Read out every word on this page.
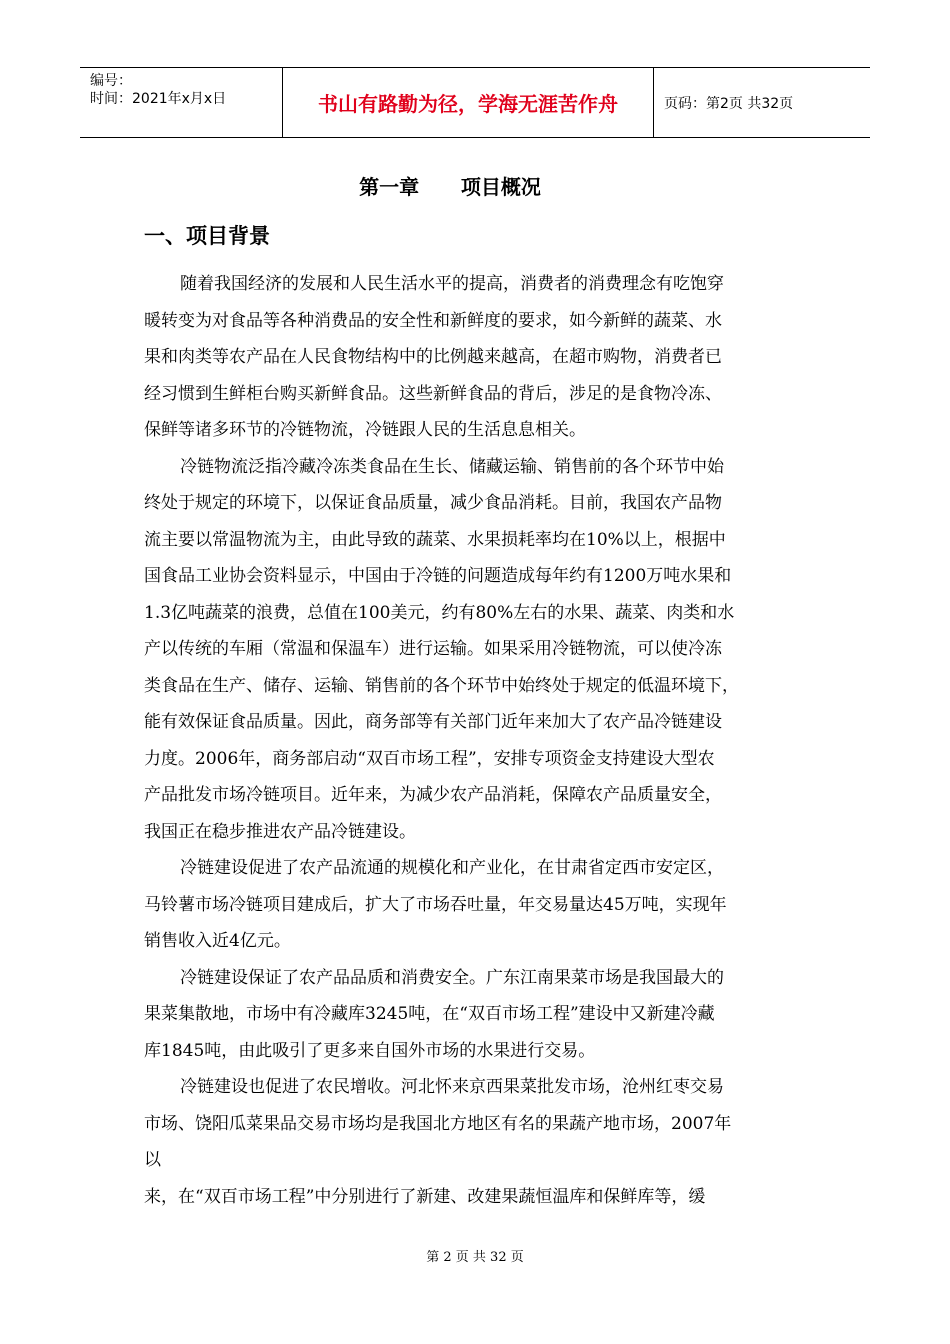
编号：
时间：2021年x月x日	书山有路勤为径，学海无涯苦作舟	页码：第2页 共32页
第一章      项目概况
一、项目背景
随着我国经济的发展和人民生活水平的提高，消费者的消费理念有吃饱穿
暖转变为对食品等各种消费品的安全性和新鲜度的要求，如今新鲜的蔬菜、水
果和肉类等农产品在人民食物结构中的比例越来越高，在超市购物，消费者已
经习惯到生鲜柜台购买新鲜食品。这些新鲜食品的背后，涉足的是食物冷冻、
保鲜等诸多环节的冷链物流，冷链跟人民的生活息息相关。
冷链物流泛指冷藏冷冻类食品在生长、储藏运输、销售前的各个环节中始
终处于规定的环境下，以保证食品质量，减少食品消耗。目前，我国农产品物
流主要以常温物流为主，由此导致的蔬菜、水果损耗率均在10%以上，根据中
国食品工业协会资料显示，中国由于冷链的问题造成每年约有1200万吨水果和
1.3亿吨蔬菜的浪费，总值在100美元，约有80%左右的水果、蔬菜、肉类和水
产以传统的车厢（常温和保温车）进行运输。如果采用冷链物流，可以使冷冻
类食品在生产、储存、运输、销售前的各个环节中始终处于规定的低温环境下，
能有效保证食品质量。因此，商务部等有关部门近年来加大了农产品冷链建设
力度。2006年，商务部启动“双百市场工程”，安排专项资金支持建设大型农
产品批发市场冷链项目。近年来，为减少农产品消耗，保障农产品质量安全，
我国正在稳步推进农产品冷链建设。
冷链建设促进了农产品流通的规模化和产业化，在甘肃省定西市安定区，
马铃薯市场冷链项目建成后，扩大了市场吞吐量，年交易量达45万吨，实现年
销售收入近4亿元。
冷链建设保证了农产品品质和消费安全。广东江南果菜市场是我国最大的
果菜集散地，市场中有冷藏库3245吨，在“双百市场工程”建设中又新建冷藏
库1845吨，由此吸引了更多来自国外市场的水果进行交易。
冷链建设也促进了农民增收。河北怀来京西果菜批发市场，沧州红枣交易
市场、饶阳瓜菜果品交易市场均是我国北方地区有名的果蔬产地市场，2007年
以
来，在“双百市场工程”中分别进行了新建、改建果蔬恒温库和保鲜库等，缓
第 2 页 共 32 页
